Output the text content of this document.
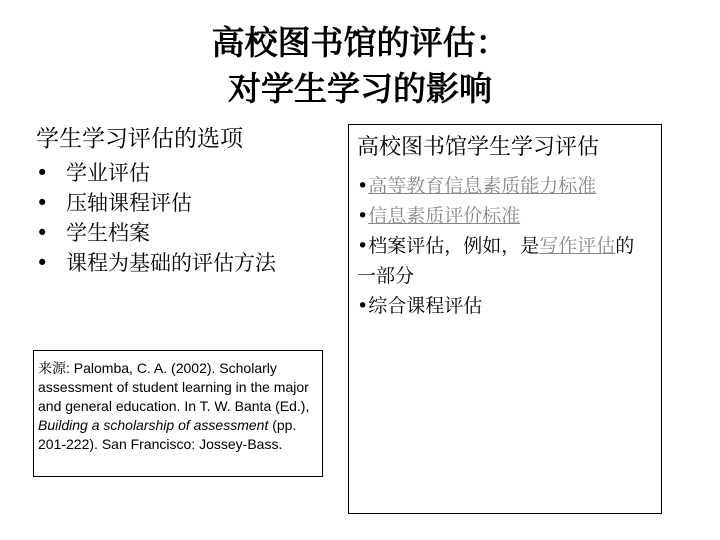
高校图书馆的评估：
对学生学习的影响
学生学习评估的选项
• 学业评估
• 压轴课程评估
• 学生档案
• 课程为基础的评估方法
来源: Palomba, C. A. (2002). Scholarly assessment of student learning in the major and general education. In T. W. Banta (Ed.), Building a scholarship of assessment (pp. 201-222). San Francisco: Jossey-Bass.
高校图书馆学生学习评估
•高等教育信息素质能力标准
•信息素质评价标准
•档案评估，例如，是写作评估的一部分
•综合课程评估
